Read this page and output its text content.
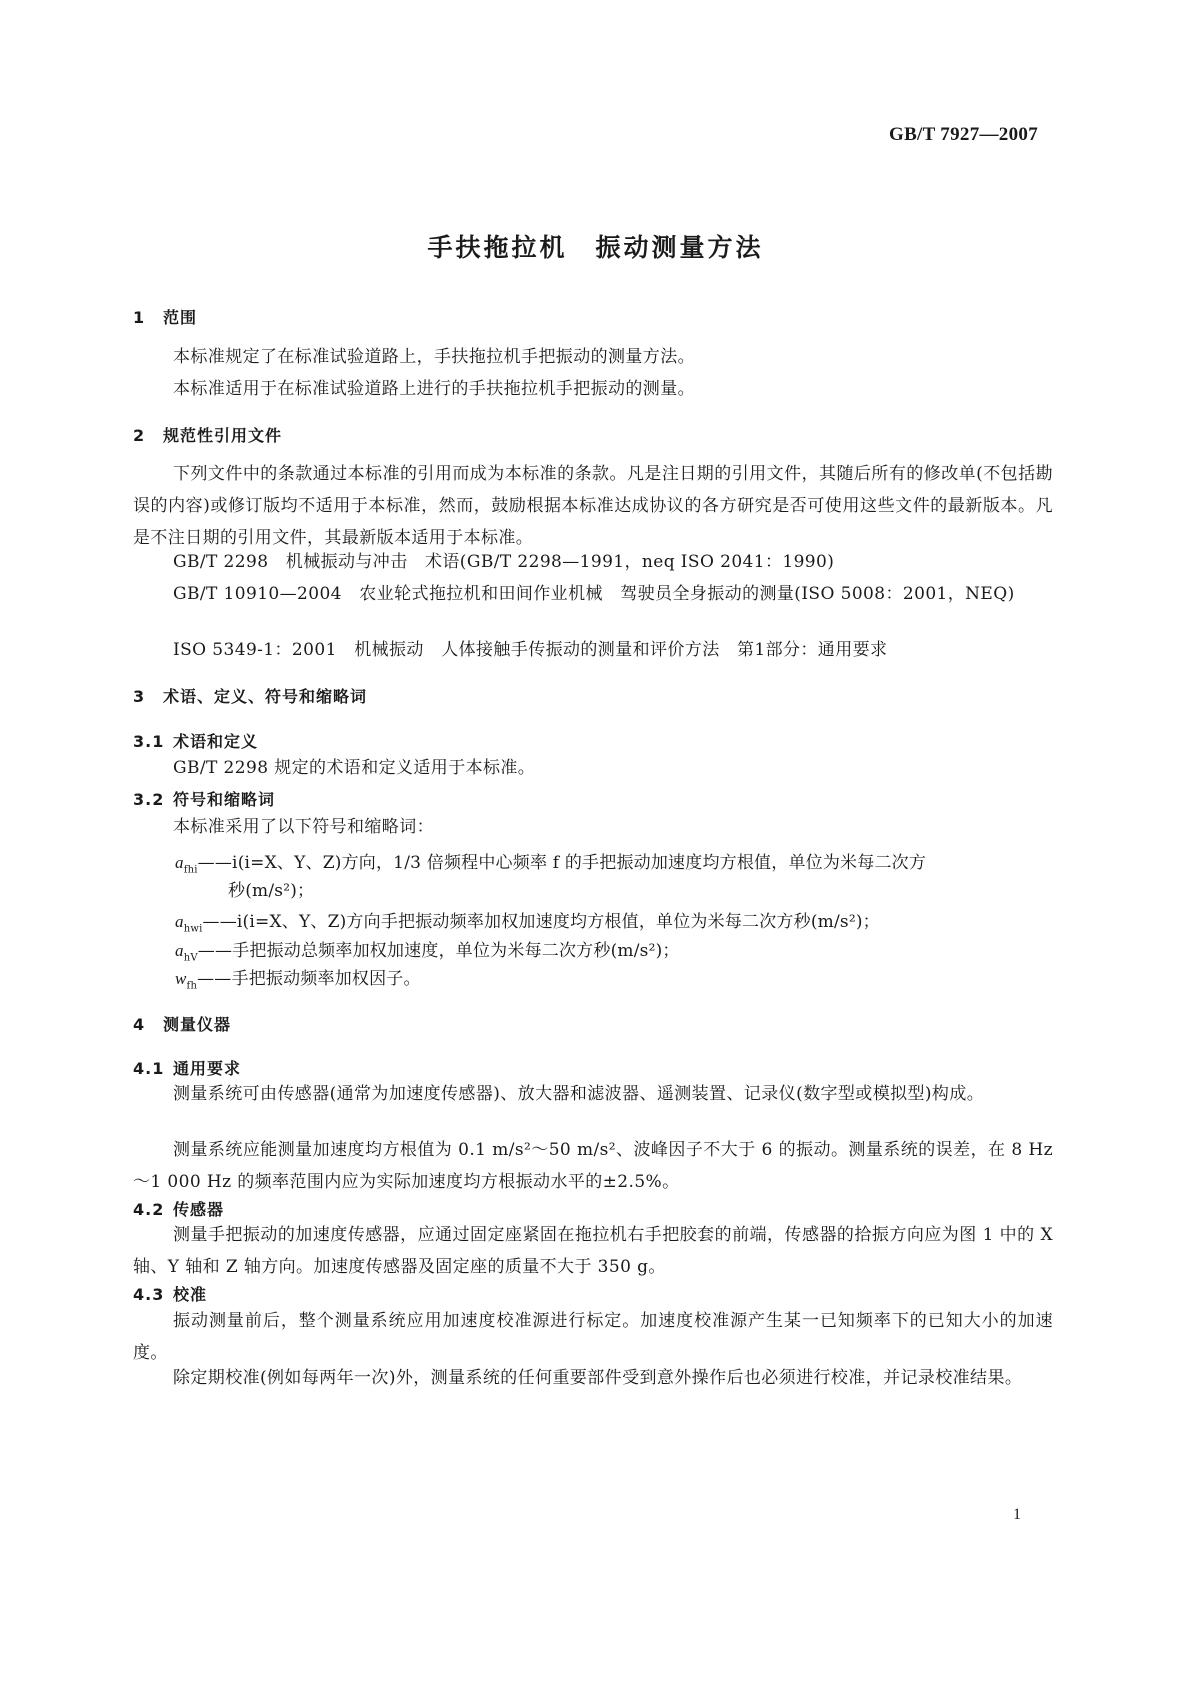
GB/T 7927—2007
手扶拖拉机　振动测量方法
1 范围

本标准规定了在标准试验道路上，手扶拖拉机手把振动的测量方法。

本标准适用于在标准试验道路上进行的手扶拖拉机手把振动的测量。

2 规范性引用文件

下列文件中的条款通过本标准的引用而成为本标准的条款。凡是注日期的引用文件，其随后所有的修改单(不包括勘误的内容)或修订版均不适用于本标准，然而，鼓励根据本标准达成协议的各方研究是否可使用这些文件的最新版本。凡是不注日期的引用文件，其最新版本适用于本标准。

GB/T 2298　机械振动与冲击　术语(GB/T 2298—1991，neq ISO 2041：1990)

GB/T 10910—2004　农业轮式拖拉机和田间作业机械　驾驶员全身振动的测量(ISO 5008：2001，NEQ)

ISO 5349-1：2001　机械振动　人体接触手传振动的测量和评价方法　第1部分：通用要求

3 术语、定义、符号和缩略词
3.1 术语和定义

GB/T 2298 规定的术语和定义适用于本标准。

3.2 符号和缩略词

本标准采用了以下符号和缩略词：

$a_{fhi}——i(i=X$、Y、Z)方向，1/3 倍频程中心频率 f 的手把振动加速度均方根值，单位为米每二次方
秒(m/s²)；
$a_{hwi}——i(i=X$、Y、Z)方向手把振动频率加权加速度均方根值，单位为米每二次方秒(m/s²)；
$a_{hV}——$手把振动总频率加权加速度，单位为米每二次方秒(m/s²)；
$w_{fh}——$手把振动频率加权因子。
4 测量仪器
4.1 通用要求

测量系统可由传感器(通常为加速度传感器)、放大器和滤波器、遥测装置、记录仪(数字型或模拟型)构成。

测量系统应能测量加速度均方根值为 0.1 m/s²～50 m/s²、波峰因子不大于 6 的振动。测量系统的误差，在 8 Hz ～1 000 Hz 的频率范围内应为实际加速度均方根振动水平的±2.5%。

4.2 传感器

测量手把振动的加速度传感器，应通过固定座紧固在拖拉机右手把胶套的前端，传感器的拾振方向应为图 1 中的 X 轴、Y 轴和 Z 轴方向。加速度传感器及固定座的质量不大于 350 g。

4.3 校准

振动测量前后，整个测量系统应用加速度校准源进行标定。加速度校准源产生某一已知频率下的已知大小的加速度。

除定期校准(例如每两年一次)外，测量系统的任何重要部件受到意外操作后也必须进行校准，并记录校准结果。

1
